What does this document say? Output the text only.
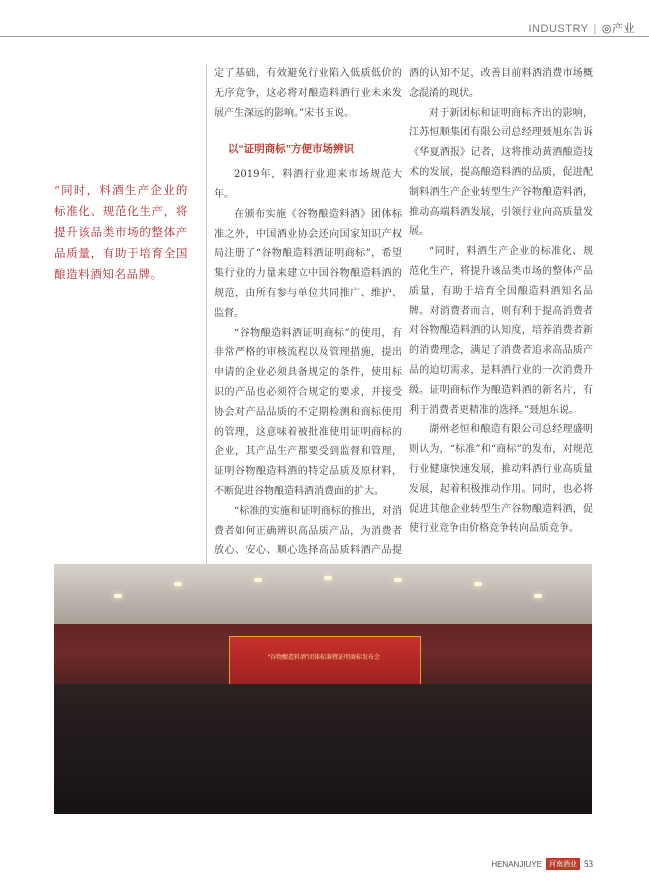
INDUSTRY | ◎产业
“同时，料酒生产企业的标准化、规范化生产，将提升该品类市场的整体产品质量，有助于培育全国酿造料酒知名品牌。

定了基础，有效避免行业陷入低质低价的无序竞争，这必将对酿造料酒行业未来发展产生深远的影响。”宋书玉说。

以“证明商标”方便市场辨识

2019年，料酒行业迎来市场规范大年。

在颁布实施《谷物酿造料酒》团体标准之外，中国酒业协会还向国家知识产权局注册了“谷物酿造料酒证明商标”，希望集行业的力量来建立中国谷物酿造料酒的规范，由所有参与单位共同推广、维护、监督。

“谷物酿造料酒证明商标”的使用，有非常严格的审核流程以及管理措施，提出申请的企业必须具备规定的条件，使用标识的产品也必须符合规定的要求，并接受协会对产品品质的不定期检测和商标使用的管理，这意味着被批准使用证明商标的企业，其产品生产都要受到监督和管理，证明谷物酿造料酒的特定品质及原材料，不断促进谷物酿造料酒消费面的扩大。

“标准的实施和证明商标的推出，对消费者如何正确辨识高品质产品，为消费者放心、安心、顺心选择高品质料酒产品提

酒的认知不足，改善目前料酒消费市场概念混淆的现状。

对于新团标和证明商标齐出的影响，江苏恒顺集团有限公司总经理聂旭东告诉《华夏酒报》记者，这将推动黄酒酿造技术的发展，提高酿造料酒的品质，促进配制料酒生产企业转型生产谷物酿造料酒，推动高端料酒发展，引领行业向高质量发展。

“同时，料酒生产企业的标准化、规范化生产，将提升该品类市场的整体产品质量，有助于培育全国酿造料酒知名品牌。对消费者而言，则有利于提高消费者对谷物酿造料酒的认知度，培养消费者新的消费理念，满足了消费者追求高品质产品的迫切需求，是料酒行业的一次消费升级。证明商标作为酿造料酒的新名片，有利于消费者更精准的选择。”聂旭东说。

湖州老恒和酿造有限公司总经理盛明则认为，“标准”和“商标”的发布，对规范行业健康快速发展，推动料酒行业高质量发展，起着积极推动作用。同时，也必将促进其他企业转型生产谷物酿造料酒，促使行业竞争由价格竞争转向品质竞争。

“谷物酿造料酒”团体标准暨证明商标发布会
HENANJIUYE	河南酒业 53
